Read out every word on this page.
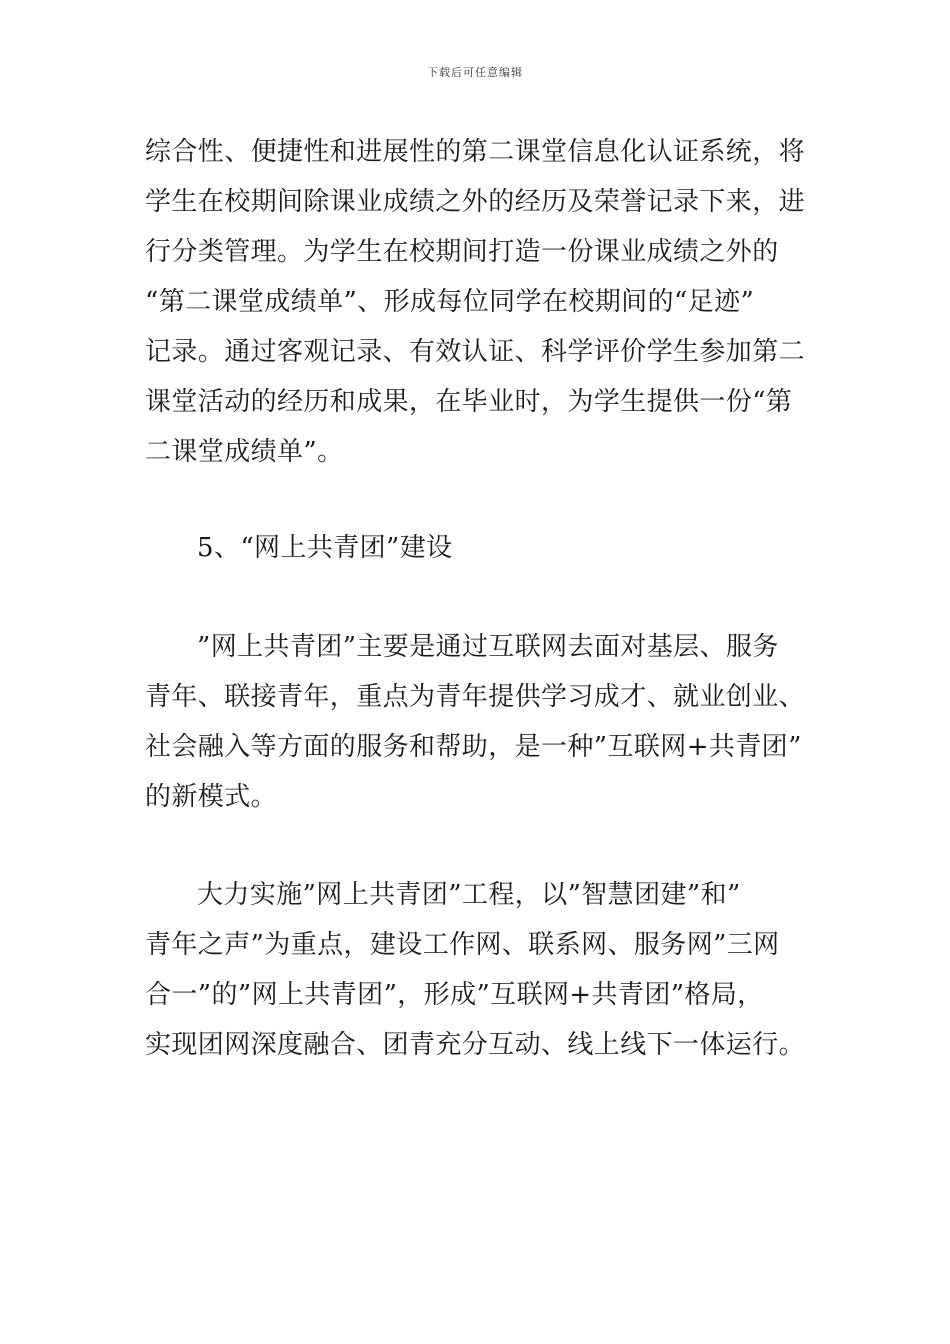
下载后可任意编辑
综合性、便捷性和进展性的第二课堂信息化认证系统，将
学生在校期间除课业成绩之外的经历及荣誉记录下来，进
行分类管理。为学生在校期间打造一份课业成绩之外的
“第二课堂成绩单”、形成每位同学在校期间的“足迹”
记录。通过客观记录、有效认证、科学评价学生参加第二
课堂活动的经历和成果，在毕业时，为学生提供一份“第
二课堂成绩单”。
5、“网上共青团”建设
”网上共青团”主要是通过互联网去面对基层、服务
青年、联接青年，重点为青年提供学习成才、就业创业、
社会融入等方面的服务和帮助，是一种”互联网+共青团”
的新模式。
大力实施”网上共青团”工程，以”智慧团建”和”
青年之声”为重点，建设工作网、联系网、服务网”三网
合一”的”网上共青团”，形成”互联网+共青团”格局，
实现团网深度融合、团青充分互动、线上线下一体运行。
